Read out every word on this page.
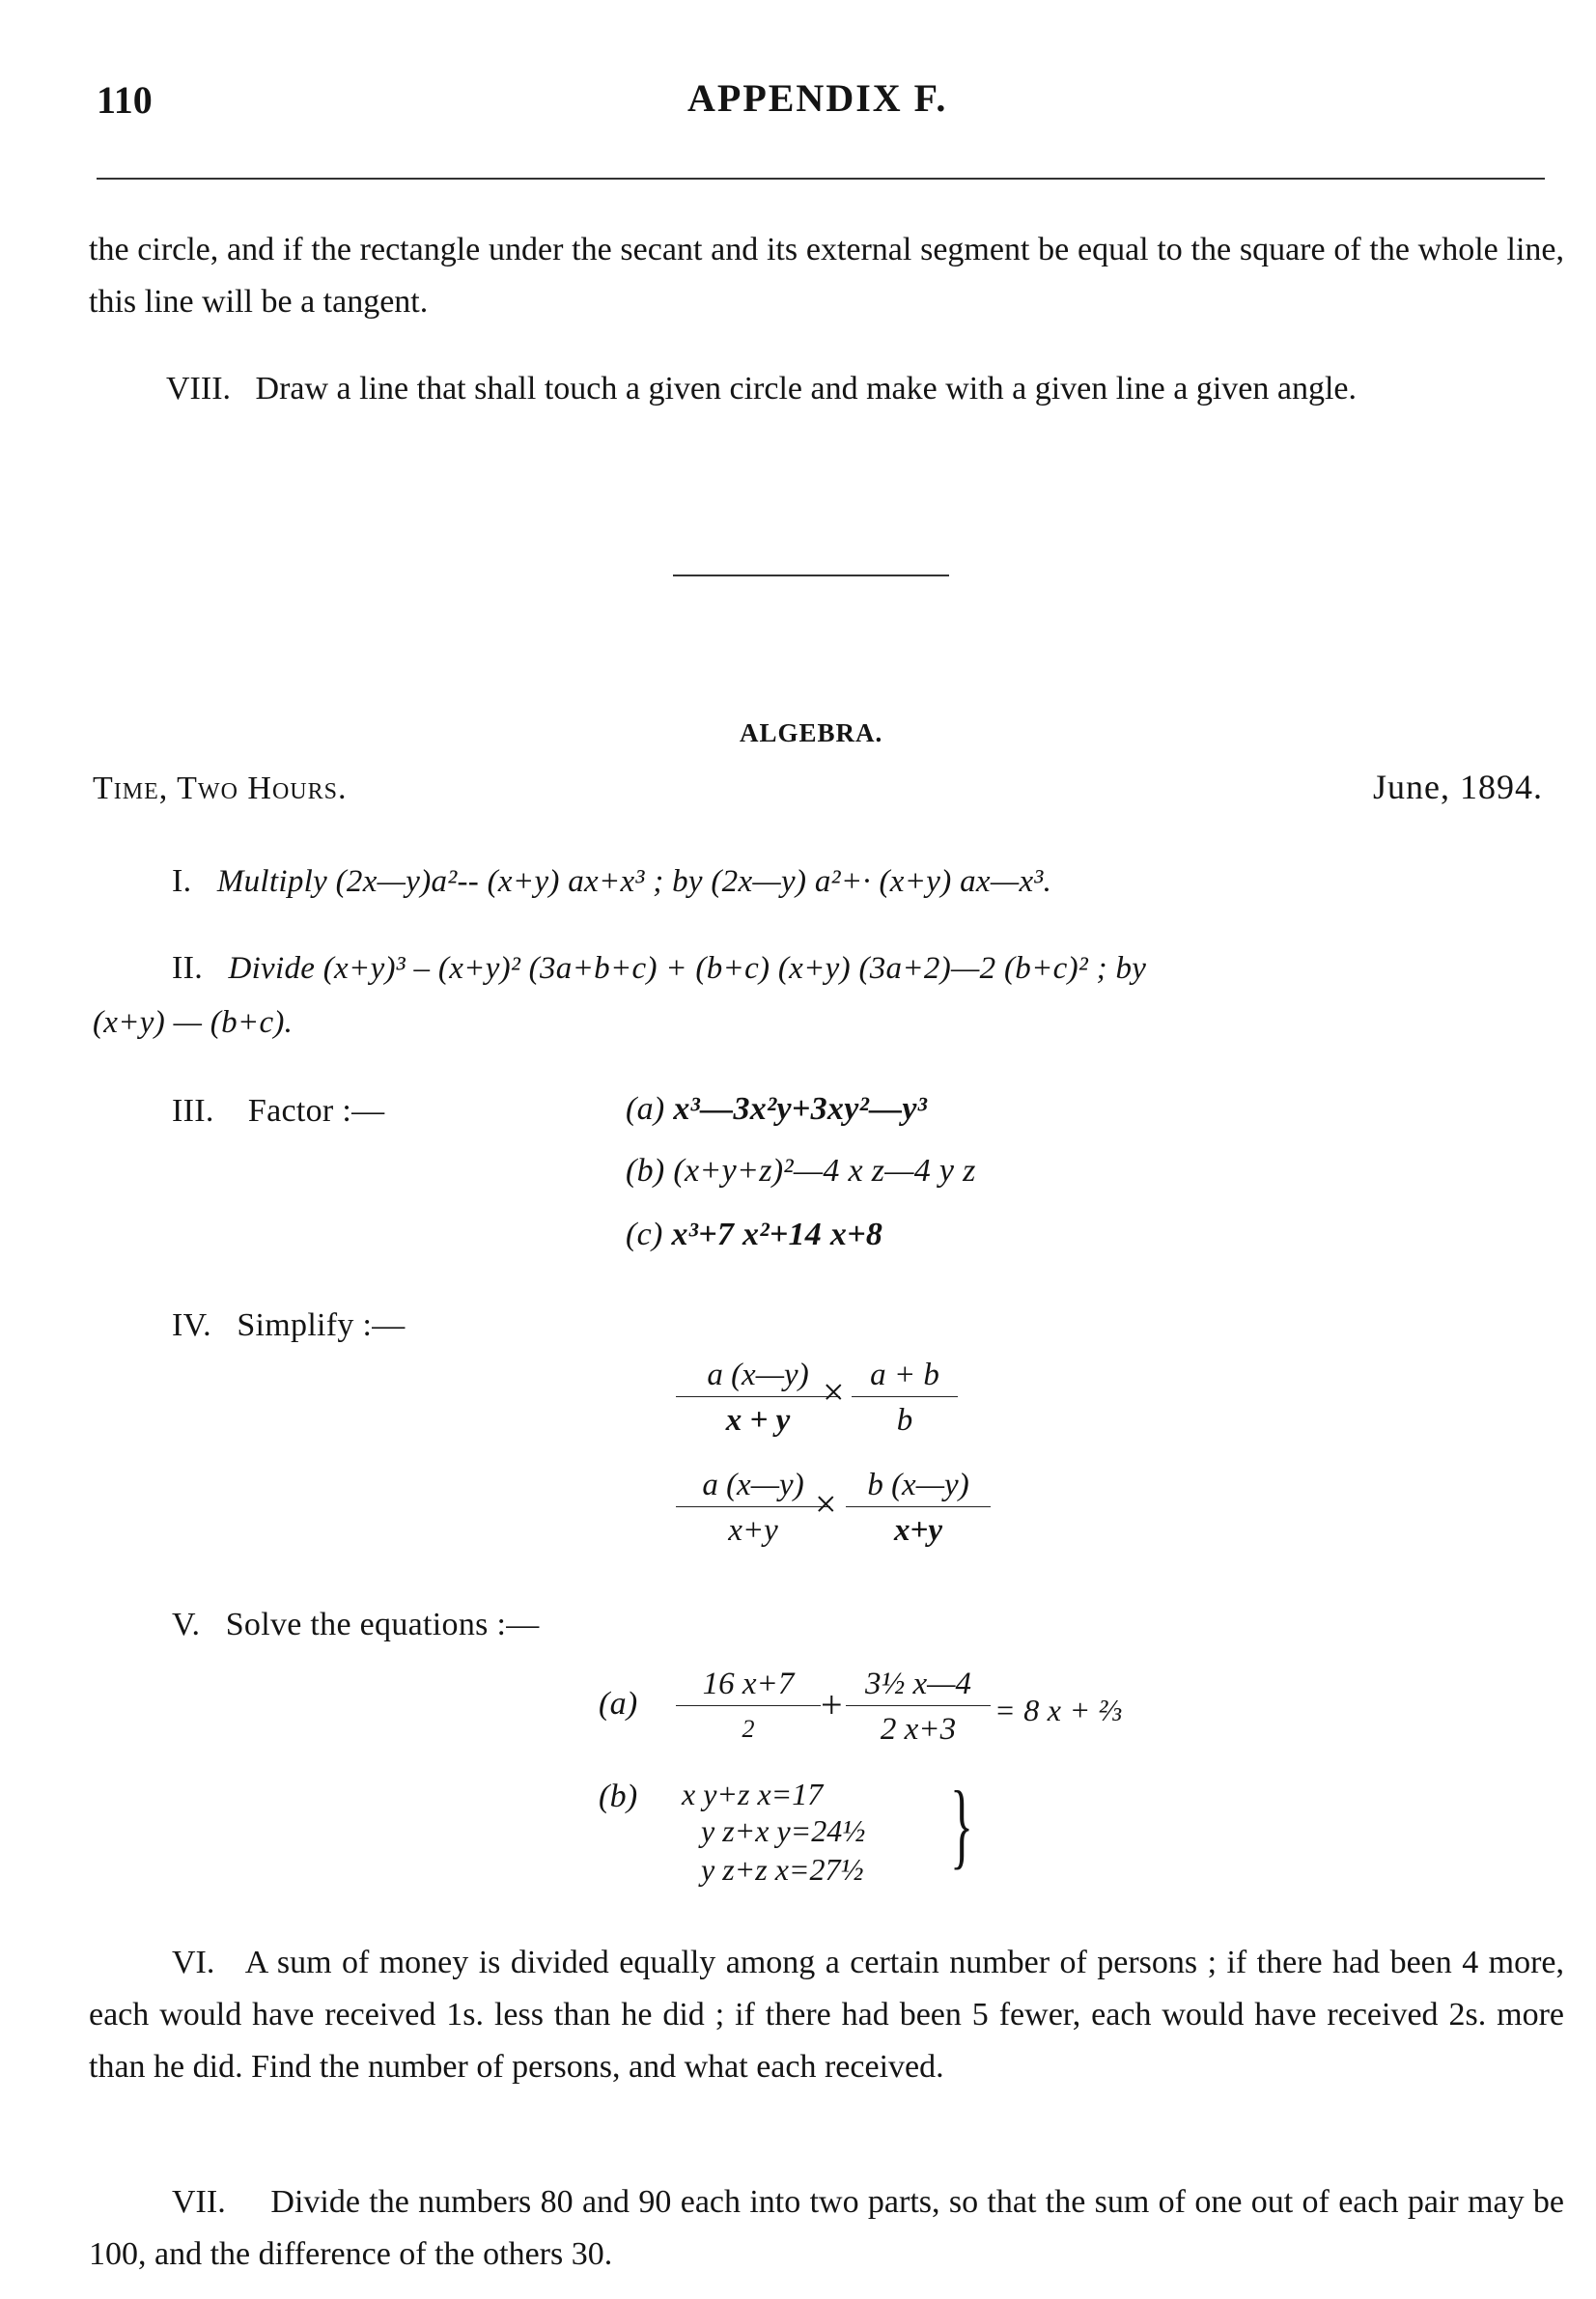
110	APPENDIX F.
the circle, and if the rectangle under the secant and its external segment be equal to the square of the whole line, this line will be a tangent.
VIII. Draw a line that shall touch a given circle and make with a given line a given angle.
ALGEBRA.
Time, Two Hours.	June, 1894.
I. Multiply (2x—y)a²-- (x+y) ax+x³ ; by (2x—y) a²+· (x+y) ax—x³.
II. Divide (x+y)³ – (x+y)² (3a+b+c) + (b+c) (x+y) (3a+2)—2 (b+c)² ; by
(x+y) — (b+c).
III. Factor :—	(a) x³—3x²y+3xy²—y³
(b) (x+y+z)²—4 x z—4 y z
(c) x³+7 x²+14 x+8
IV. Simplify :—
$\frac{a (x—y)}{x + y}$
× $\frac{a + b}{b}$
$\frac{a (x—y)}{x+y}$
× $\frac{b (x—y)}{x+y}$
V. Solve the equations :—
(a)
16 x+7
2
+ $\frac{\text{3½ x—4}}{2 x+3} = 8$ x + ⅔
(b) x y+z x=17
y z+x y=24½
y z+z x=27½ }
VI. A sum of money is divided equally among a certain number of persons ; if there had been 4 more, each would have received 1s. less than he did ; if there had been 5 fewer, each would have received 2s. more than he did. Find the number of persons, and what each received.
VII. Divide the numbers 80 and 90 each into two parts, so that the sum of one out of each pair may be 100, and the difference of the others 30.
